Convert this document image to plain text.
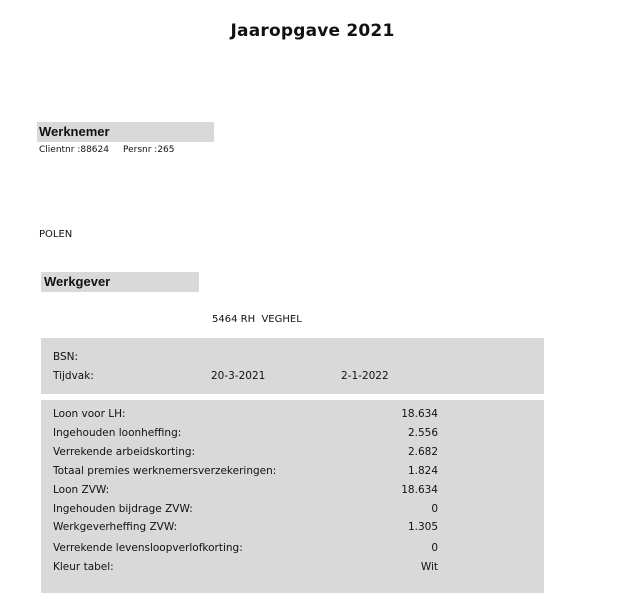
Jaaropgave 2021
Werknemer
Clientnr :88624 Persnr :265
POLEN
Werkgever
5464 RH  VEGHEL
BSN:
Tijdvak:	20-3-2021	2-1-2022
Loon voor LH:	18.634
Ingehouden loonheffing:	2.556
Verrekende arbeidskorting:	2.682
Totaal premies werknemersverzekeringen:	1.824
Loon ZVW:	18.634
Ingehouden bijdrage ZVW:	0
Werkgeverheffing ZVW:	1.305
Verrekende levensloopverlofkorting:	0
Kleur tabel:	Wit
